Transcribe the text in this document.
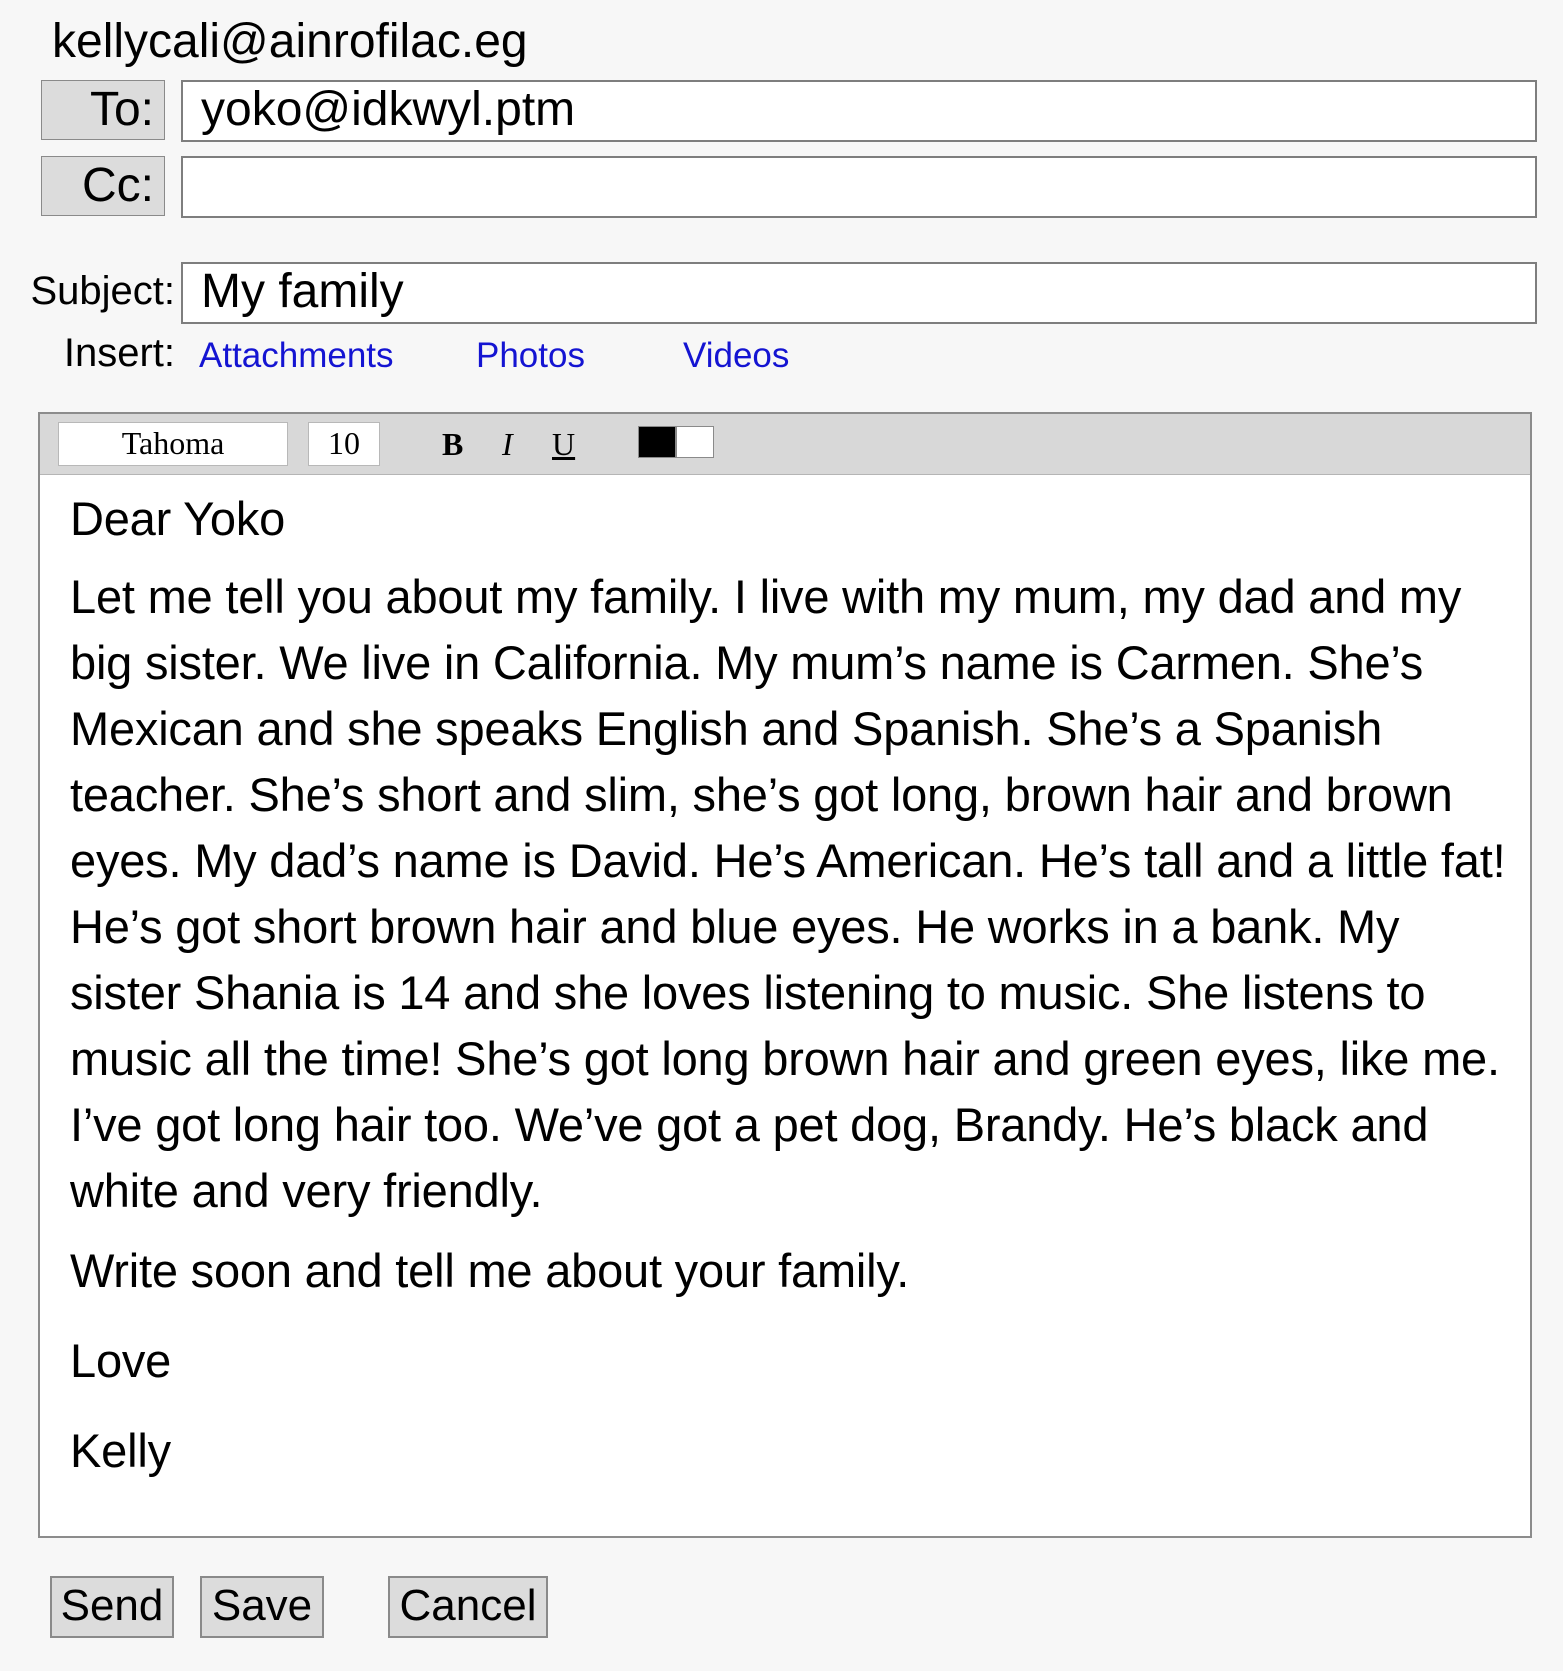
kellycali@ainrofilac.eg
To: yoko@idkwyl.ptm
Cc:
Subject: My family
Insert: Attachments Photos	Videos
Tahoma	10	B I U

Dear Yoko

Let me tell you about my family. I live with my mum, my dad and my big sister. We live in California. My mum’s name is Carmen. She’s Mexican and she speaks English and Spanish. She’s a Spanish teacher. She’s short and slim, she’s got long, brown hair and brown eyes. My dad’s name is David. He’s American. He’s tall and a little fat! He’s got short brown hair and blue eyes. He works in a bank. My sister Shania is 14 and she loves listening to music. She listens to music all the time! She’s got long brown hair and green eyes, like me. I’ve got long hair too. We’ve got a pet dog, Brandy. He’s black and white and very friendly.

Write soon and tell me about your family.

Love

Kelly

Send Save Cancel
